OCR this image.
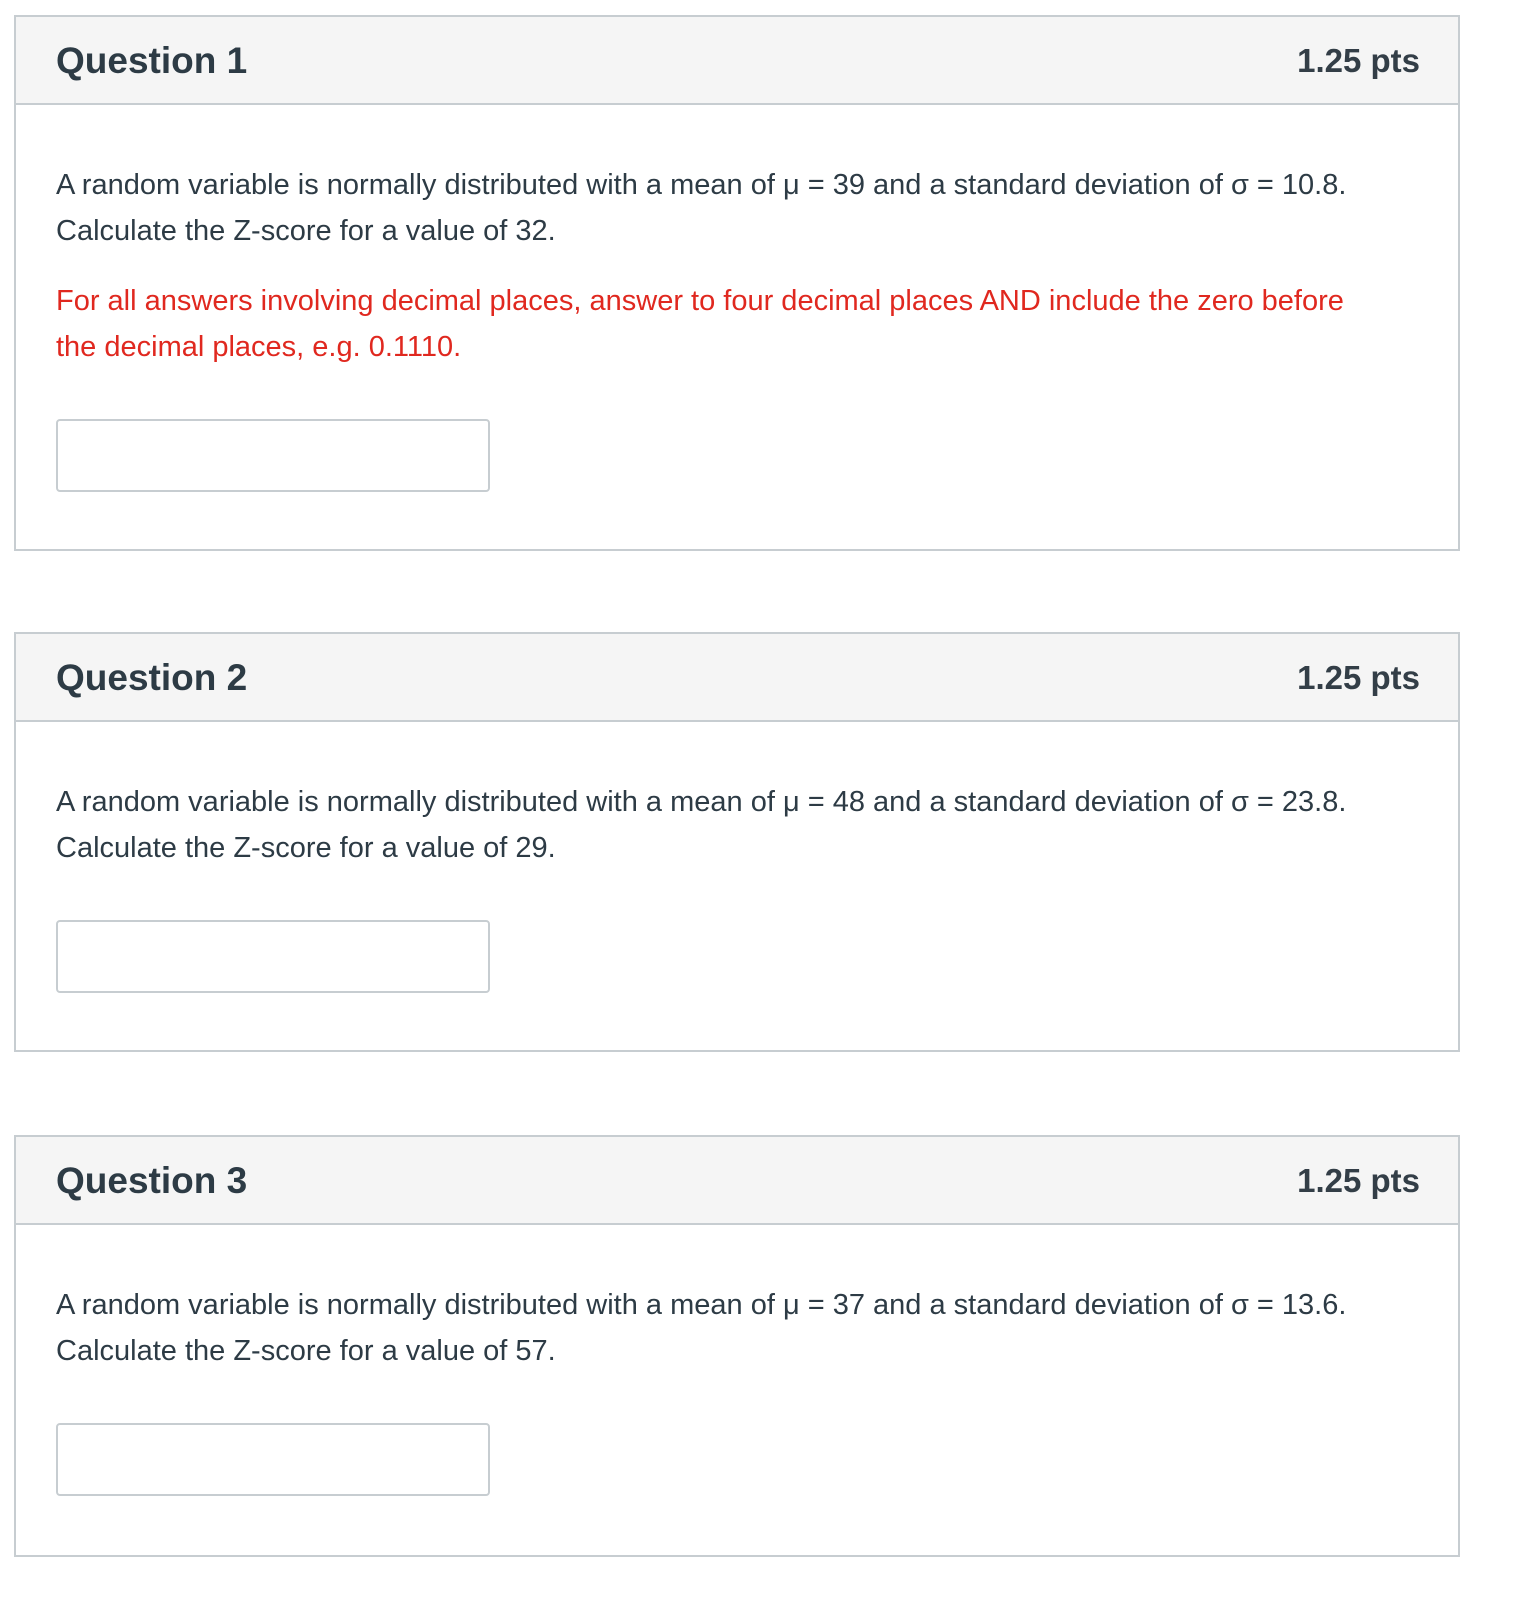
Question 1	1.25 pts

A random variable is normally distributed with a mean of μ = 39 and a standard deviation of σ = 10.8. Calculate the Z-score for a value of 32.

For all answers involving decimal places, answer to four decimal places AND include the zero before the decimal places, e.g. 0.1110.

Question 2	1.25 pts

A random variable is normally distributed with a mean of μ = 48 and a standard deviation of σ = 23.8. Calculate the Z-score for a value of 29.

Question 3	1.25 pts

A random variable is normally distributed with a mean of μ = 37 and a standard deviation of σ = 13.6. Calculate the Z-score for a value of 57.
